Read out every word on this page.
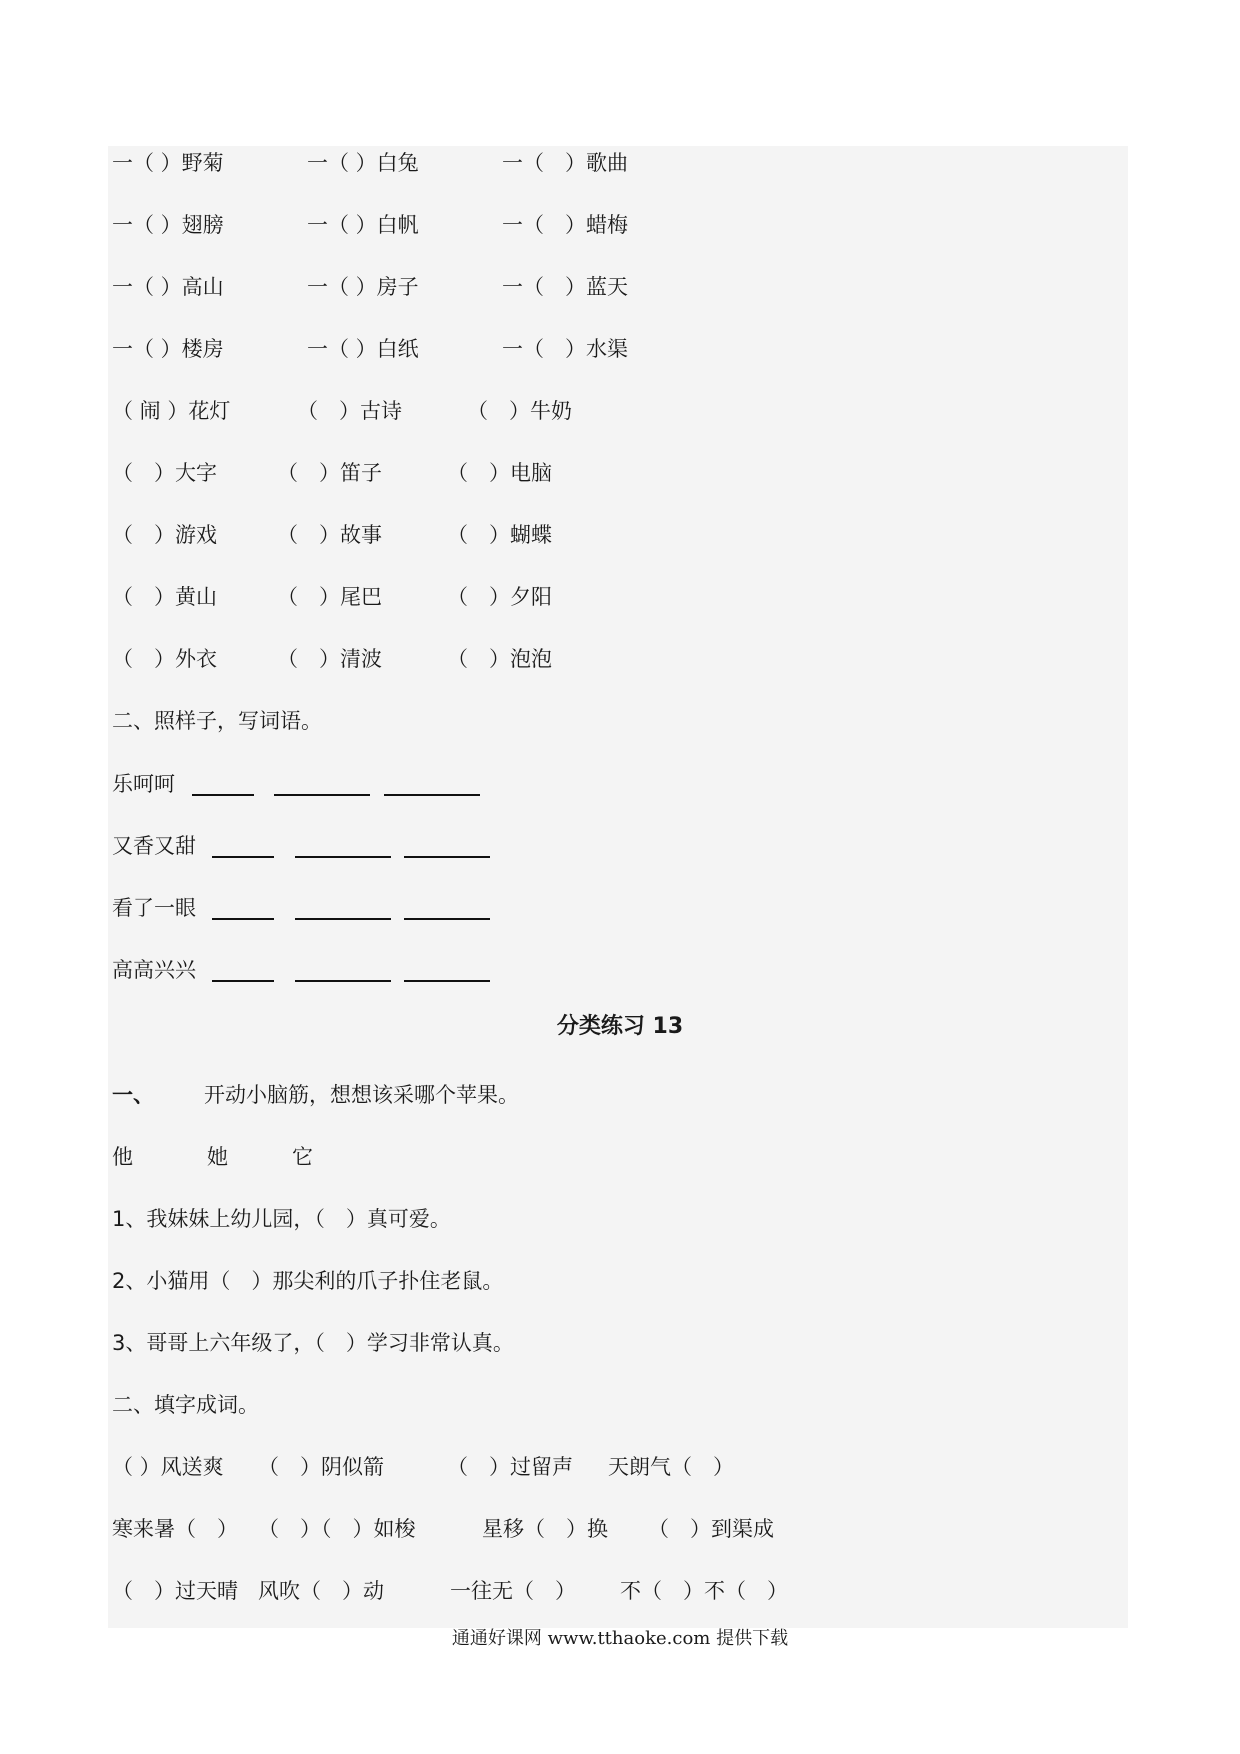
一（ ）野菊	一（ ）白兔	一（　）歌曲
一（ ）翅膀	一（ ）白帆	一（　）蜡梅
一（ ）高山	一（ ）房子	一（　）蓝天
一（ ）楼房	一（ ）白纸	一（　）水渠
（ 闹 ）花灯	（　）古诗	（　）牛奶
（　）大字	（　）笛子	（　）电脑
（　）游戏	（　）故事	（　）蝴蝶
（　）黄山	（　）尾巴	（　）夕阳
（　）外衣	（　）清波	（　）泡泡
二、照样子，写词语。
乐呵呵
又香又甜
看了一眼
高高兴兴
分类练习 13
一、 开动小脑筋，想想该采哪个苹果。
他	她	它
1、我妹妹上幼儿园，（　）真可爱。
2、小猫用（　）那尖利的爪子扑住老鼠。
3、哥哥上六年级了，（　）学习非常认真。
二、填字成词。
（ ）风送爽 （　）阴似箭	（　）过留声 天朗气（　）
寒来暑（　） （　）（　）如梭	星移（　）换 （　）到渠成
（　）过天晴 风吹（　）动	一往无（　） 不（　）不（　）
通通好课网 www.tthaoke.com 提供下载
